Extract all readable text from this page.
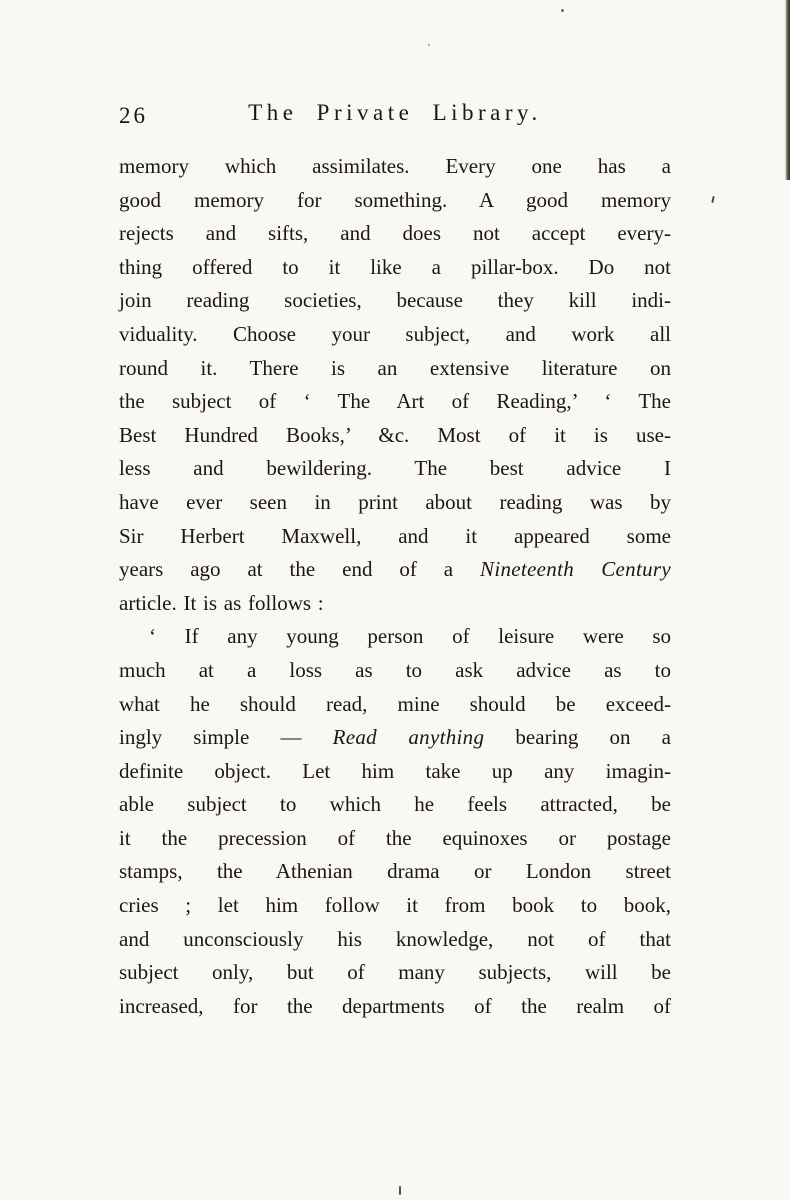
26	The Private Library.
memory which assimilates. Every one has a
good memory for something. A good memory
rejects and sifts, and does not accept every-
thing offered to it like a pillar-box. Do not
join reading societies, because they kill indi-
viduality. Choose your subject, and work all
round it. There is an extensive literature on
the subject of ‘ The Art of Reading,’ ‘ The
Best Hundred Books,’ &c. Most of it is use-
less and bewildering. The best advice I
have ever seen in print about reading was by
Sir Herbert Maxwell, and it appeared some
years ago at the end of a Nineteenth Century
article. It is as follows :
‘ If any young person of leisure were so
much at a loss as to ask advice as to
what he should read, mine should be exceed-
ingly simple — Read anything bearing on a
definite object. Let him take up any imagin-
able subject to which he feels attracted, be
it the precession of the equinoxes or postage
stamps, the Athenian drama or London street
cries ; let him follow it from book to book,
and unconsciously his knowledge, not of that
subject only, but of many subjects, will be
increased, for the departments of the realm of
